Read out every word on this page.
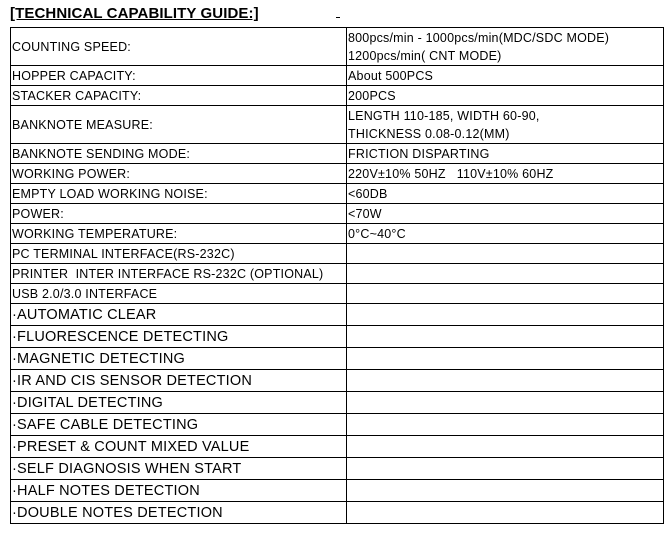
[TECHNICAL CAPABILITY GUIDE:]
COUNTING SPEED:	800pcs/min - 1000pcs/min(MDC/SDC MODE)
1200pcs/min( CNT MODE)

HOPPER CAPACITY:	About 500PCS
STACKER CAPACITY:	200PCS
BANKNOTE MEASURE:	LENGTH 110-185, WIDTH 60-90,
THICKNESS 0.08-0.12(MM)

BANKNOTE SENDING MODE:	FRICTION DISPARTING
WORKING POWER:	220V±10% 50HZ   110V±10% 60HZ
EMPTY LOAD WORKING NOISE:	<60DB
POWER:	<70W
WORKING TEMPERATURE:	0°C~40°C
PC TERMINAL INTERFACE(RS-232C)	
PRINTER  INTER INTERFACE RS-232C (OPTIONAL)	
USB 2.0/3.0 INTERFACE	
·AUTOMATIC CLEAR	
·FLUORESCENCE DETECTING	
·MAGNETIC DETECTING	
·IR AND CIS SENSOR DETECTION	
·DIGITAL DETECTING	
·SAFE CABLE DETECTING	
·PRESET & COUNT MIXED VALUE	
·SELF DIAGNOSIS WHEN START	
·HALF NOTES DETECTION	
·DOUBLE NOTES DETECTION	
